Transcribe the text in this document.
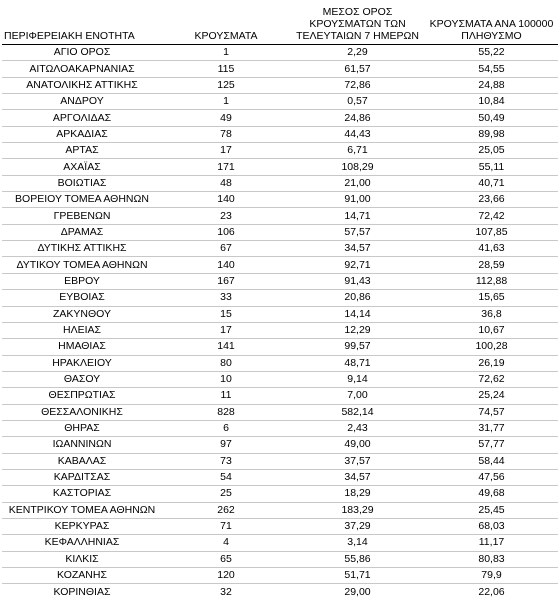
ΠΕΡΙΦΕΡΕΙΑΚΗ ΕΝΟΤΗΤΑ	ΚΡΟΥΣΜΑΤΑ	ΜΕΣΟΣ ΟΡΟΣ ΚΡΟΥΣΜΑΤΩΝ ΤΩΝ ΤΕΛΕΥΤΑΙΩΝ 7 ΗΜΕΡΩΝ	ΚΡΟΥΣΜΑΤΑ ΑΝΑ 100000 ΠΛΗΘΥΣΜΟ
ΑΓΙΟ ΟΡΟΣ	1	2,29	55,22
ΑΙΤΩΛΟΑΚΑΡΝΑΝΙΑΣ	115	61,57	54,55
ΑΝΑΤΟΛΙΚΗΣ ΑΤΤΙΚΗΣ	125	72,86	24,88
ΑΝΔΡΟΥ	1	0,57	10,84
ΑΡΓΟΛΙΔΑΣ	49	24,86	50,49
ΑΡΚΑΔΙΑΣ	78	44,43	89,98
ΑΡΤΑΣ	17	6,71	25,05
ΑΧΑΪΑΣ	171	108,29	55,11
ΒΟΙΩΤΙΑΣ	48	21,00	40,71
ΒΟΡΕΙΟΥ ΤΟΜΕΑ ΑΘΗΝΩΝ	140	91,00	23,66
ΓΡΕΒΕΝΩΝ	23	14,71	72,42
ΔΡΑΜΑΣ	106	57,57	107,85
ΔΥΤΙΚΗΣ ΑΤΤΙΚΗΣ	67	34,57	41,63
ΔΥΤΙΚΟΥ ΤΟΜΕΑ ΑΘΗΝΩΝ	140	92,71	28,59
ΕΒΡΟΥ	167	91,43	112,88
ΕΥΒΟΙΑΣ	33	20,86	15,65
ΖΑΚΥΝΘΟΥ	15	14,14	36,8
ΗΛΕΙΑΣ	17	12,29	10,67
ΗΜΑΘΙΑΣ	141	99,57	100,28
ΗΡΑΚΛΕΙΟΥ	80	48,71	26,19
ΘΑΣΟΥ	10	9,14	72,62
ΘΕΣΠΡΩΤΙΑΣ	11	7,00	25,24
ΘΕΣΣΑΛΟΝΙΚΗΣ	828	582,14	74,57
ΘΗΡΑΣ	6	2,43	31,77
ΙΩΑΝΝΙΝΩΝ	97	49,00	57,77
ΚΑΒΑΛΑΣ	73	37,57	58,44
ΚΑΡΔΙΤΣΑΣ	54	34,57	47,56
ΚΑΣΤΟΡΙΑΣ	25	18,29	49,68
ΚΕΝΤΡΙΚΟΥ ΤΟΜΕΑ ΑΘΗΝΩΝ	262	183,29	25,45
ΚΕΡΚΥΡΑΣ	71	37,29	68,03
ΚΕΦΑΛΛΗΝΙΑΣ	4	3,14	11,17
ΚΙΛΚΙΣ	65	55,86	80,83
ΚΟΖΑΝΗΣ	120	51,71	79,9
ΚΟΡΙΝΘΙΑΣ	32	29,00	22,06
